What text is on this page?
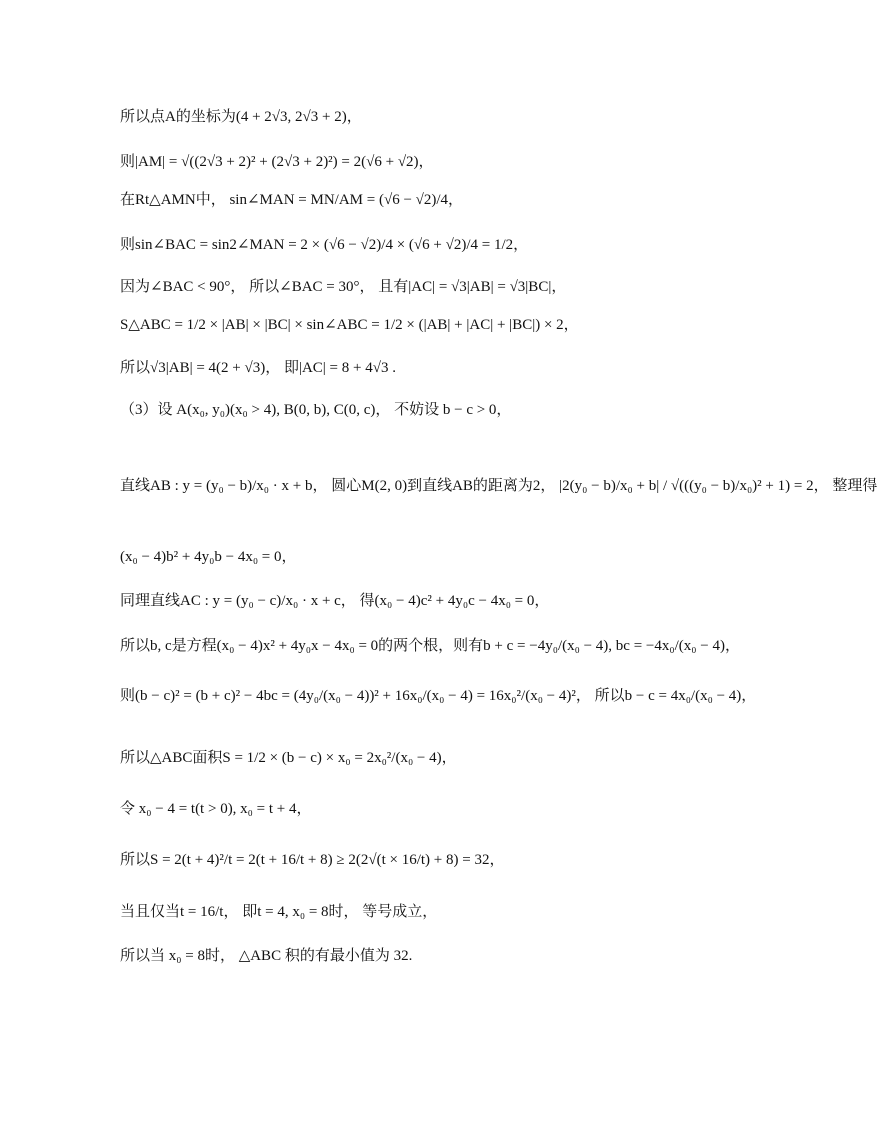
所以点A的坐标为(4 + 2√3, 2√3 + 2)，
则|AM| = √((2√3 + 2)² + (2√3 + 2)²) = 2(√6 + √2)，
在Rt△AMN中， sin∠MAN = MN/AM = (√6 − √2)/4，
则sin∠BAC = sin2∠MAN = 2 × (√6 − √2)/4 × (√6 + √2)/4 = 1/2，
因为∠BAC < 90°， 所以∠BAC = 30°， 且有|AC| = √3|AB| = √3|BC|，
S△ABC = 1/2 × |AB| × |BC| × sin∠ABC = 1/2 × (|AB| + |AC| + |BC|) × 2，
所以√3|AB| = 4(2 + √3)， 即|AC| = 8 + 4√3 .
（3）设 A(x₀, y₀)(x₀ > 4), B(0, b), C(0, c)， 不妨设 b − c > 0，
直线AB : y = (y₀ − b)/x₀ · x + b， 圆心M(2, 0)到直线AB的距离为2， |2(y₀ − b)/x₀ + b| / √(((y₀ − b)/x₀)² + 1) = 2， 整理得
(x₀ − 4)b² + 4y₀b − 4x₀ = 0，
同理直线AC : y = (y₀ − c)/x₀ · x + c， 得(x₀ − 4)c² + 4y₀c − 4x₀ = 0，
所以b, c是方程(x₀ − 4)x² + 4y₀x − 4x₀ = 0的两个根，则有b + c = −4y₀/(x₀ − 4), bc = −4x₀/(x₀ − 4)，
则(b − c)² = (b + c)² − 4bc = (4y₀/(x₀ − 4))² + 16x₀/(x₀ − 4) = 16x₀²/(x₀ − 4)²， 所以b − c = 4x₀/(x₀ − 4)，
所以△ABC面积S = 1/2 × (b − c) × x₀ = 2x₀²/(x₀ − 4)，
令 x₀ − 4 = t(t > 0), x₀ = t + 4，
所以S = 2(t + 4)²/t = 2(t + 16/t + 8) ≥ 2(2√(t × 16/t) + 8) = 32，
当且仅当t = 16/t， 即t = 4, x₀ = 8时， 等号成立，
所以当 x₀ = 8时， △ABC 积的有最小值为 32.
